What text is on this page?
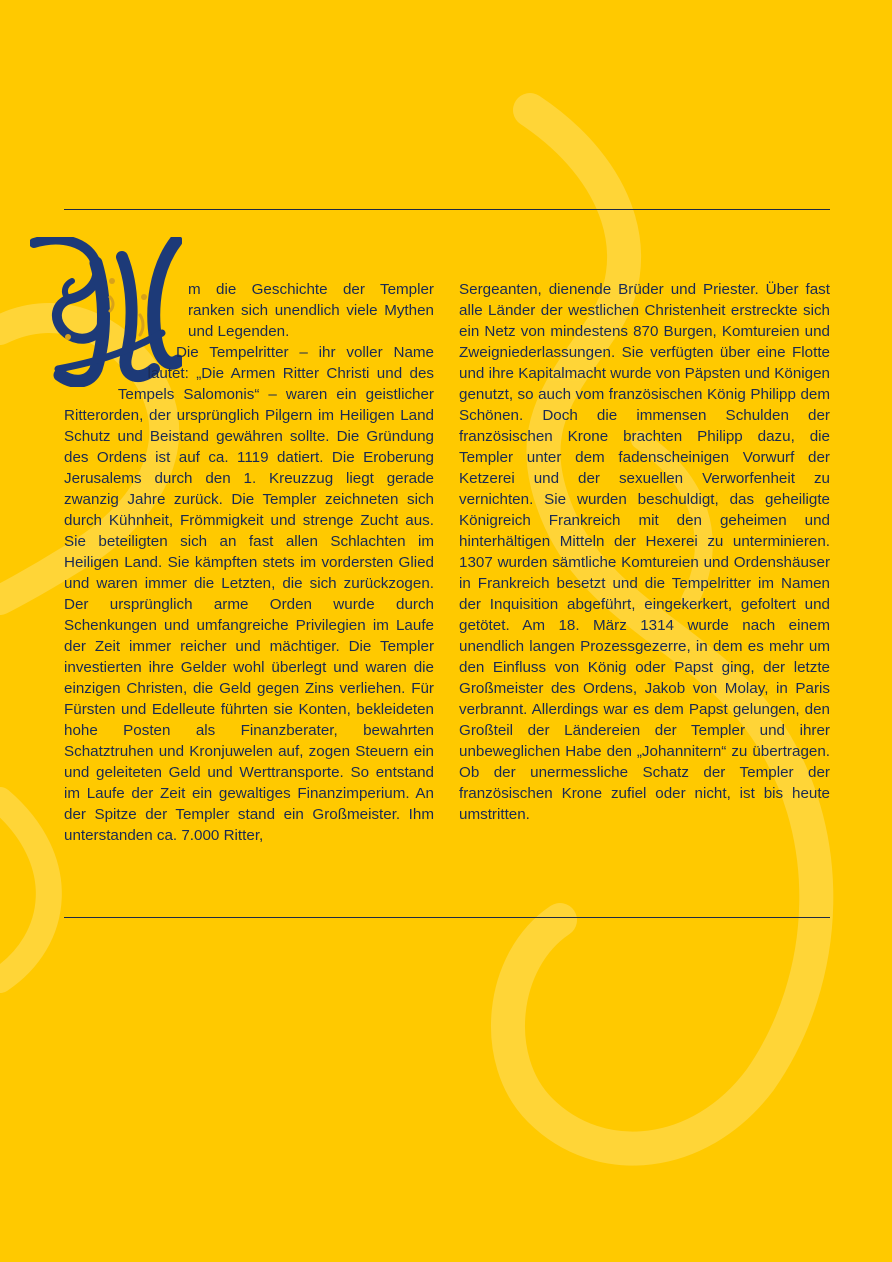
m die Geschichte der Templer ranken sich unendlich viele Mythen und Legenden.

Die Tempelritter – ihr voller Name lautet: „Die Armen Ritter Christi und des Tempels Salomonis“ – waren ein geistlicher Ritterorden, der ursprünglich Pilgern im Heiligen Land Schutz und Beistand gewähren sollte. Die Gründung des Ordens ist auf ca. 1119 datiert. Die Eroberung Jerusalems durch den 1. Kreuzzug liegt gerade zwanzig Jahre zurück. Die Templer zeichneten sich durch Kühnheit, Frömmigkeit und strenge Zucht aus. Sie beteiligten sich an fast allen Schlachten im Heiligen Land. Sie kämpften stets im vordersten Glied und waren immer die Letzten, die sich zurückzogen. Der ursprünglich arme Orden wurde durch Schenkungen und umfangreiche Privilegien im Laufe der Zeit immer reicher und mächtiger. Die Templer investierten ihre Gelder wohl überlegt und waren die einzigen Christen, die Geld gegen Zins verliehen. Für Fürsten und Edelleute führten sie Konten, bekleideten hohe Posten als Finanzberater, bewahrten Schatztruhen und Kronjuwelen auf, zogen Steuern ein und geleiteten Geld und Werttransporte. So entstand im Laufe der Zeit ein gewaltiges Finanzimperium. An der Spitze der Templer stand ein Großmeister. Ihm unterstanden ca. 7.000 Ritter,

Sergeanten, dienende Brüder und Priester. Über fast alle Länder der westlichen Christenheit erstreckte sich ein Netz von mindestens 870 Burgen, Komtureien und Zweigniederlassungen. Sie verfügten über eine Flotte und ihre Kapitalmacht wurde von Päpsten und Königen genutzt, so auch vom französischen König Philipp dem Schönen. Doch die immensen Schulden der französischen Krone brachten Philipp dazu, die Templer unter dem fadenscheinigen Vorwurf der Ketzerei und der sexuellen Verworfenheit zu vernichten. Sie wurden beschuldigt, das geheiligte Königreich Frankreich mit den geheimen und hinterhältigen Mitteln der Hexerei zu unterminieren. 1307 wurden sämtliche Komtureien und Ordenshäuser in Frankreich besetzt und die Tempelritter im Namen der Inquisition abgeführt, eingekerkert, gefoltert und getötet. Am 18. März 1314 wurde nach einem unendlich langen Prozessgezerre, in dem es mehr um den Einfluss von König oder Papst ging, der letzte Großmeister des Ordens, Jakob von Molay, in Paris verbrannt. Allerdings war es dem Papst gelungen, den Großteil der Ländereien der Templer und ihrer unbeweglichen Habe den „Johannitern“ zu übertragen. Ob der unermessliche Schatz der Templer der französischen Krone zufiel oder nicht, ist bis heute umstritten.
